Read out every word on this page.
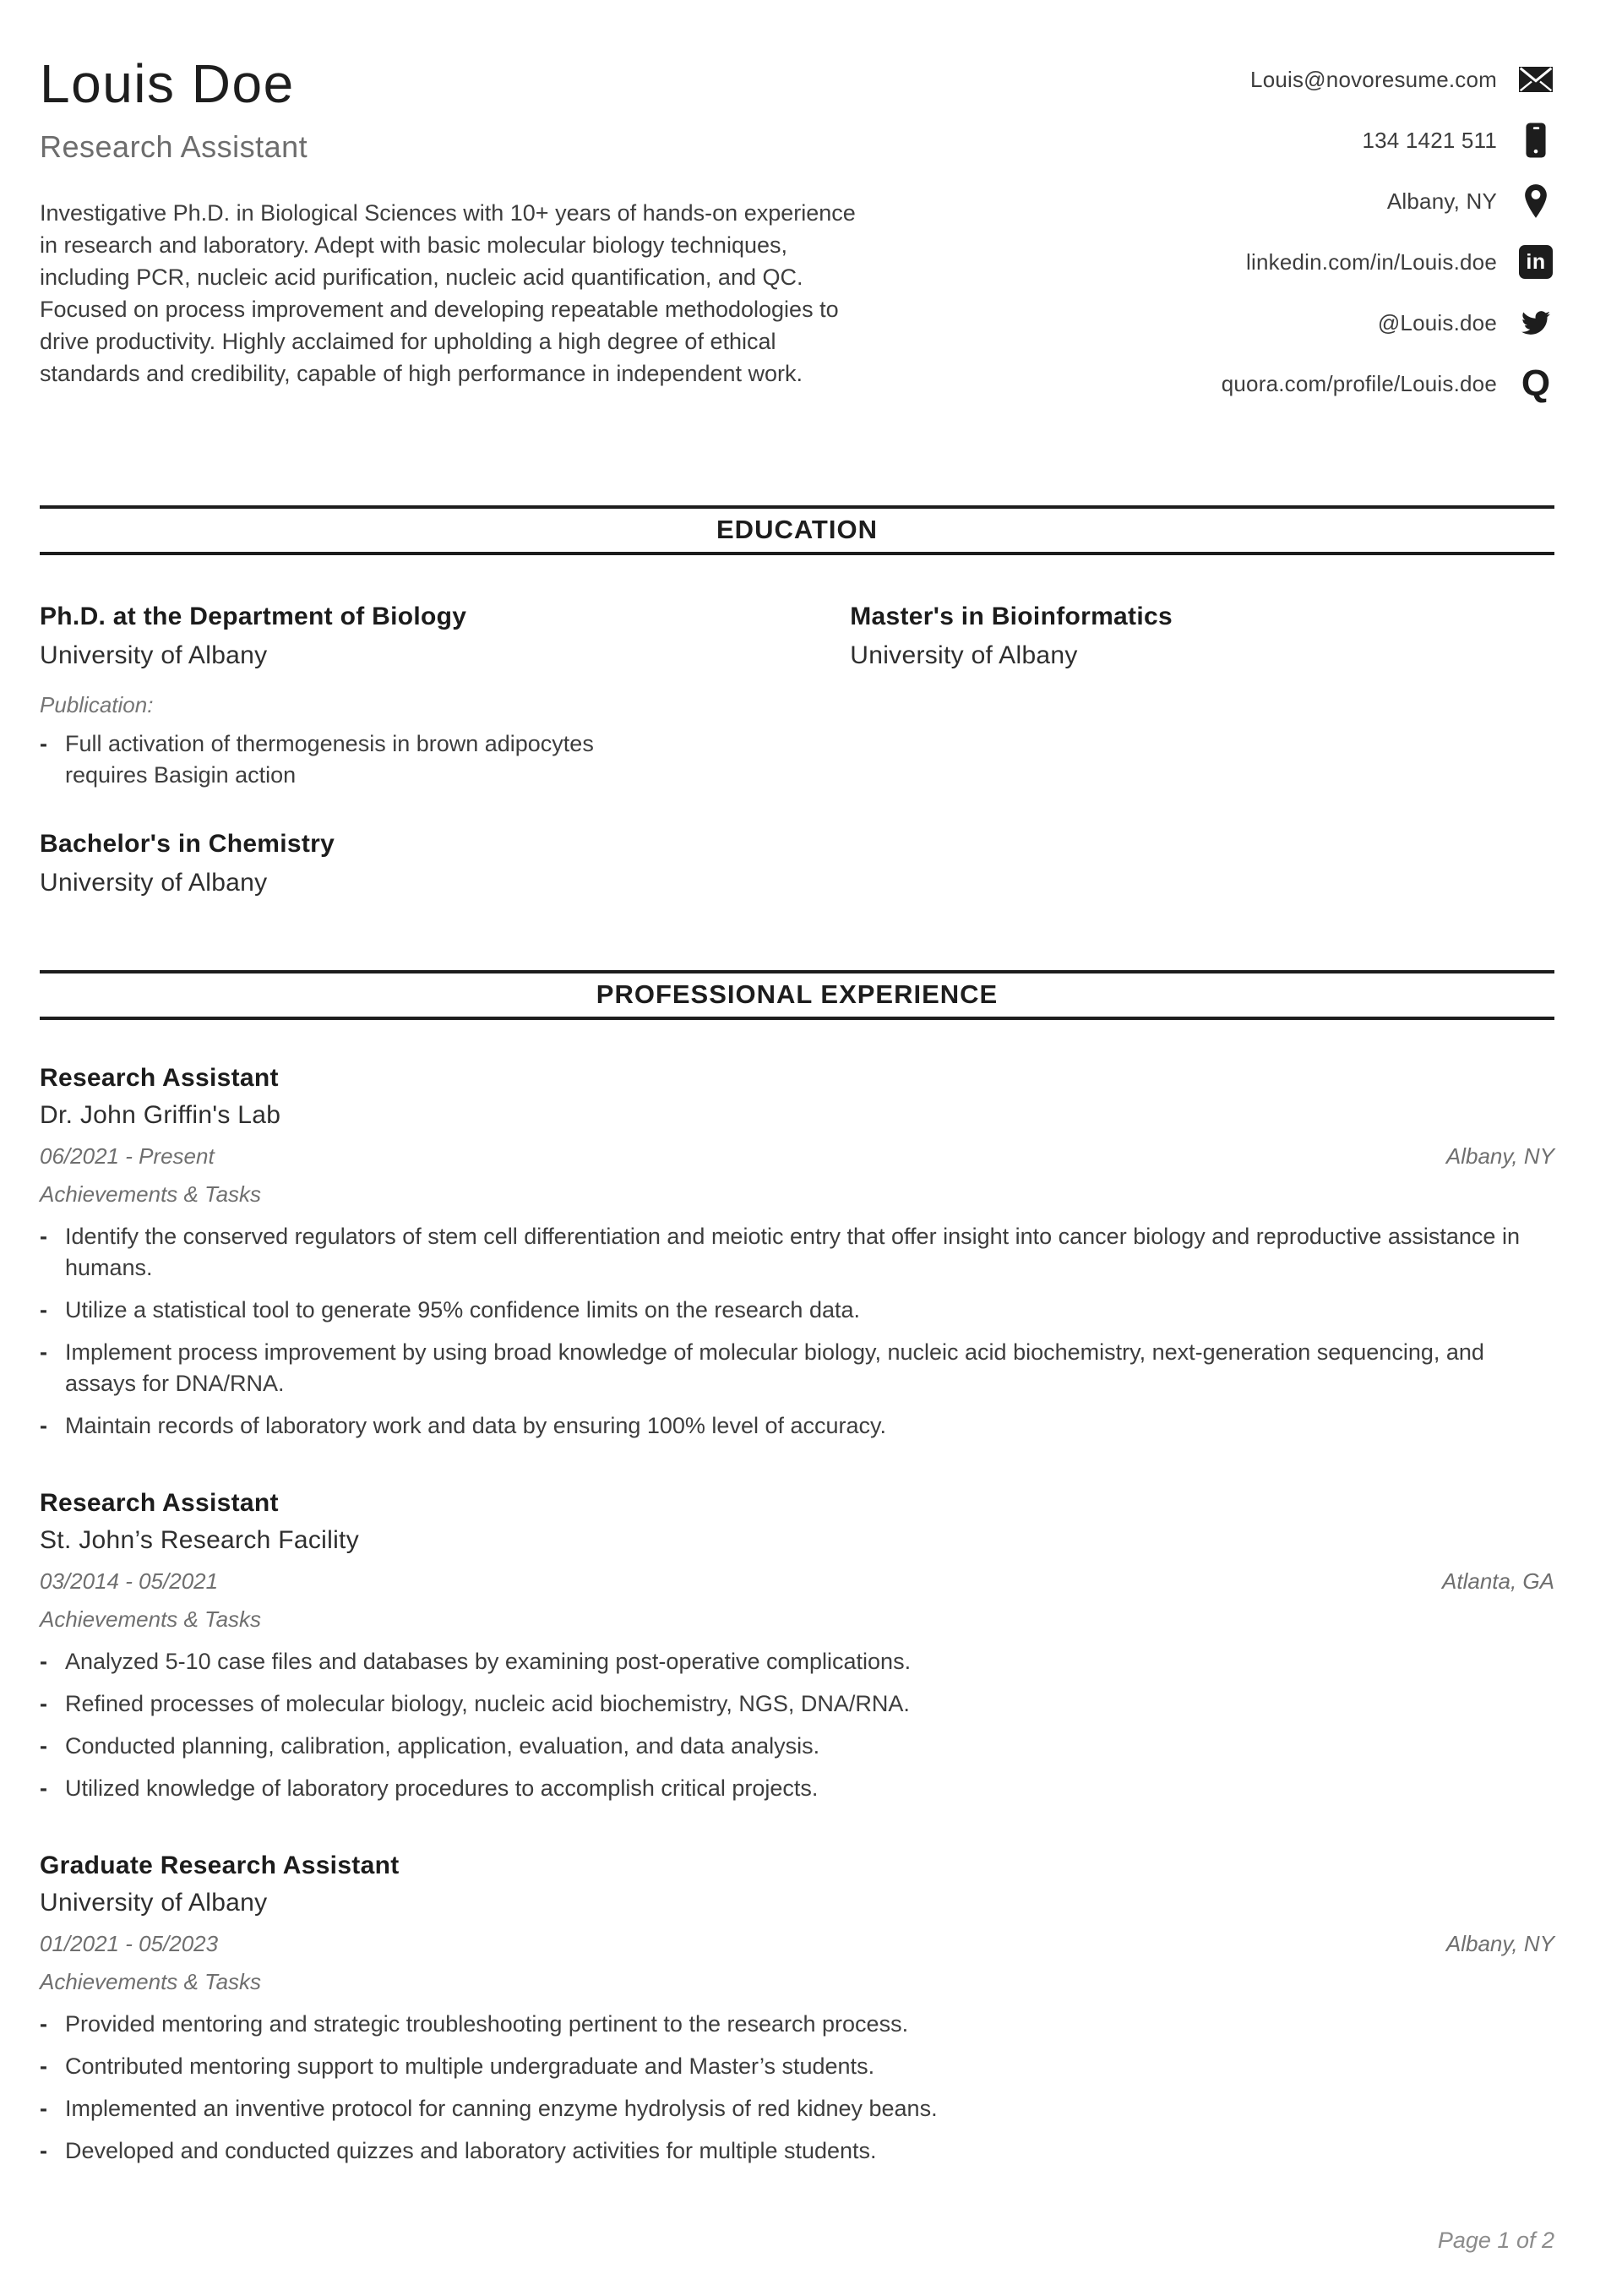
Louis Doe
Research Assistant

Investigative Ph.D. in Biological Sciences with 10+ years of hands-on experience in research and laboratory. Adept with basic molecular biology techniques, including PCR, nucleic acid purification, nucleic acid quantification, and QC. Focused on process improvement and developing repeatable methodologies to drive productivity. Highly acclaimed for upholding a high degree of ethical standards and credibility, capable of high performance in independent work.

Louis@novoresume.com
134 1421 511
Albany, NY
linkedin.com/in/Louis.doe	in
@Louis.doe
quora.com/profile/Louis.doe Q
EDUCATION
Ph.D. at the Department of Biology
University of Albany
Publication:
- Full activation of thermogenesis in brown adipocytes requires Basigin action
Master's in Bioinformatics
University of Albany
Bachelor's in Chemistry
University of Albany
PROFESSIONAL EXPERIENCE
Research Assistant
Dr. John Griffin's Lab
06/2021 - Present	Albany, NY
Achievements & Tasks
- Identify the conserved regulators of stem cell differentiation and meiotic entry that offer insight into cancer biology and reproductive assistance in humans.
- Utilize a statistical tool to generate 95% confidence limits on the research data.
- Implement process improvement by using broad knowledge of molecular biology, nucleic acid biochemistry, next-generation sequencing, and assays for DNA/RNA.
- Maintain records of laboratory work and data by ensuring 100% level of accuracy.
Research Assistant
St. John’s Research Facility
03/2014 - 05/2021	Atlanta, GA
Achievements & Tasks
- Analyzed 5-10 case files and databases by examining post-operative complications.
- Refined processes of molecular biology, nucleic acid biochemistry, NGS, DNA/RNA.
- Conducted planning, calibration, application, evaluation, and data analysis.
- Utilized knowledge of laboratory procedures to accomplish critical projects.
Graduate Research Assistant
University of Albany
01/2021 - 05/2023	Albany, NY
Achievements & Tasks
- Provided mentoring and strategic troubleshooting pertinent to the research process.
- Contributed mentoring support to multiple undergraduate and Master’s students.
- Implemented an inventive protocol for canning enzyme hydrolysis of red kidney beans.
- Developed and conducted quizzes and laboratory activities for multiple students.
Page 1 of 2
